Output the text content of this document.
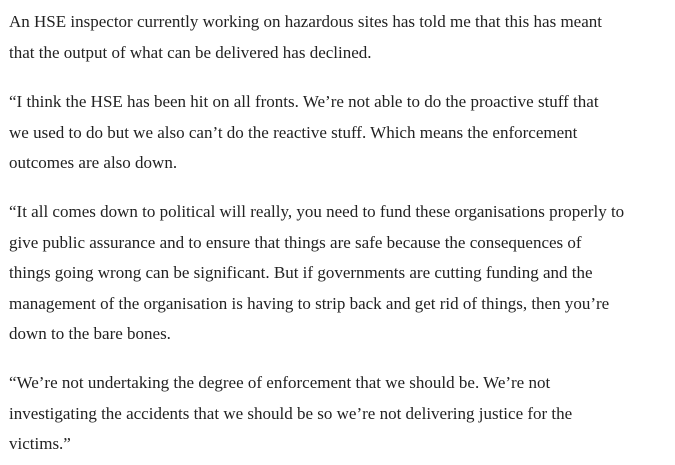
An HSE inspector currently working on hazardous sites has told me that this has meant
that the output of what can be delivered has declined.

“I think the HSE has been hit on all fronts. We’re not able to do the proactive stuff that
we used to do but we also can’t do the reactive stuff. Which means the enforcement
outcomes are also down.

“It all comes down to political will really, you need to fund these organisations properly to
give public assurance and to ensure that things are safe because the consequences of
things going wrong can be significant. But if governments are cutting funding and the
management of the organisation is having to strip back and get rid of things, then you’re
down to the bare bones.

“We’re not undertaking the degree of enforcement that we should be. We’re not
investigating the accidents that we should be so we’re not delivering justice for the
victims.”
